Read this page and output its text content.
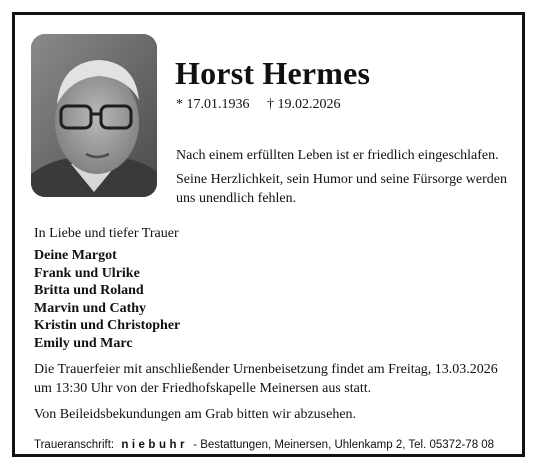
Horst Hermes
* 17.01.1936 † 19.02.2026
Nach einem erfüllten Leben ist er friedlich eingeschlafen.
Seine Herzlichkeit, sein Humor und seine Fürsorge werden uns unendlich fehlen.
In Liebe und tiefer Trauer
Deine Margot
Frank und Ulrike
Britta und Roland
Marvin und Cathy
Kristin und Christopher
Emily und Marc
Die Trauerfeier mit anschließender Urnenbeisetzung findet am Freitag, 13.03.2026 um 13:30 Uhr von der Friedhofskapelle Meinersen aus statt.
Von Beileidsbekundungen am Grab bitten wir abzusehen.
Traueranschrift: niebuhr - Bestattungen, Meinersen, Uhlenkamp 2, Tel. 05372-78 08
